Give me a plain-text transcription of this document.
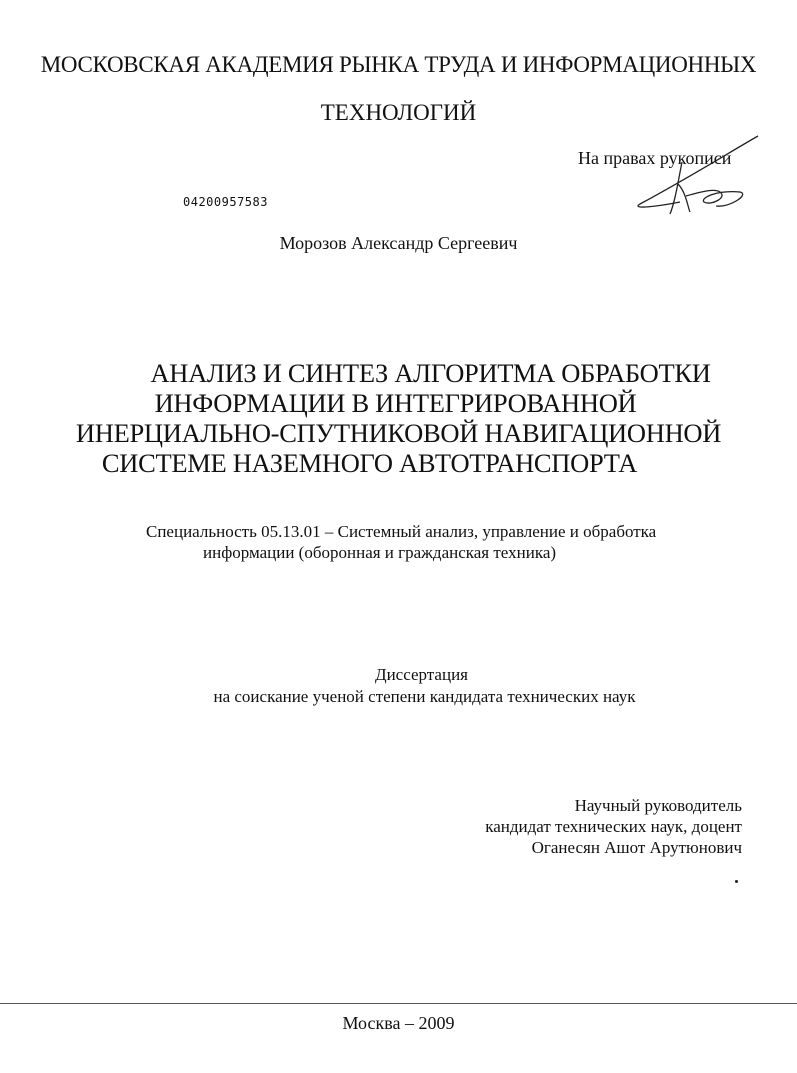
МОСКОВСКАЯ АКАДЕМИЯ РЫНКА ТРУДА И ИНФОРМАЦИОННЫХ
ТЕХНОЛОГИЙ
На правах рукописи
04200957583
Морозов Александр Сергеевич
АНАЛИЗ И СИНТЕЗ АЛГОРИТМА ОБРАБОТКИ
ИНФОРМАЦИИ В ИНТЕГРИРОВАННОЙ
ИНЕРЦИАЛЬНО-СПУТНИКОВОЙ НАВИГАЦИОННОЙ
СИСТЕМЕ НАЗЕМНОГО АВТОТРАНСПОРТА
Специальность 05.13.01 – Системный анализ, управление и обработка
информации (оборонная и гражданская техника)
Диссертация
на соискание ученой степени кандидата технических наук
Научный руководитель
кандидат технических наук, доцент
Оганесян Ашот Арутюнович
Москва – 2009
